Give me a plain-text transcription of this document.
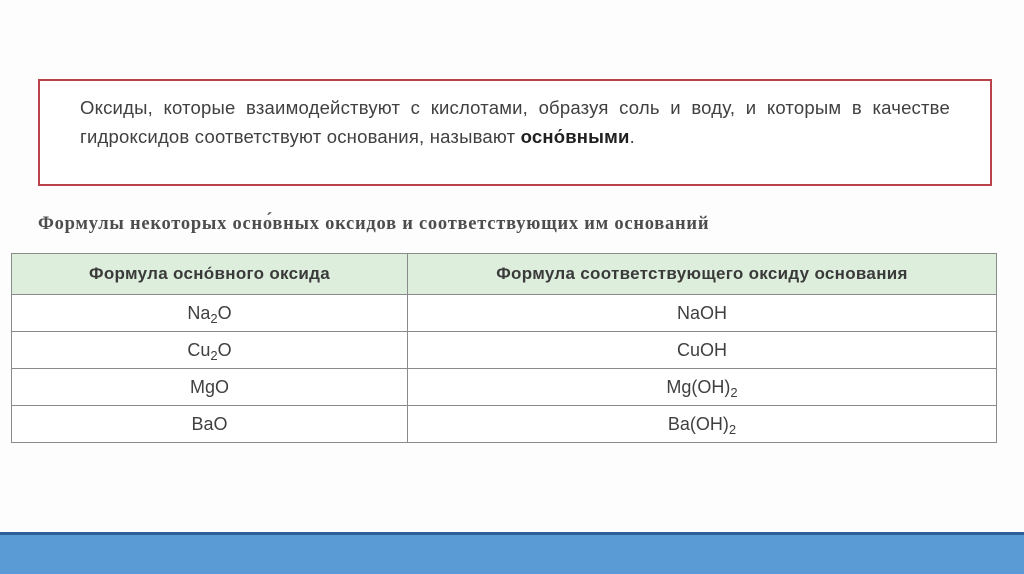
Оксиды, которые взаимодействуют с кислотами, образуя соль и воду, и которым в качестве гидроксидов соответствуют основания, называют осно́вными.

Формулы некоторых осно́вных оксидов и соответствующих им оснований

Формула осно́вного оксида	Формула соответствующего оксиду основания
$Na_2O$	NaOH
$Cu_2O$	CuOH
MgO	$Mg(OH)_2$
BaO	$Ba(OH)_2$
